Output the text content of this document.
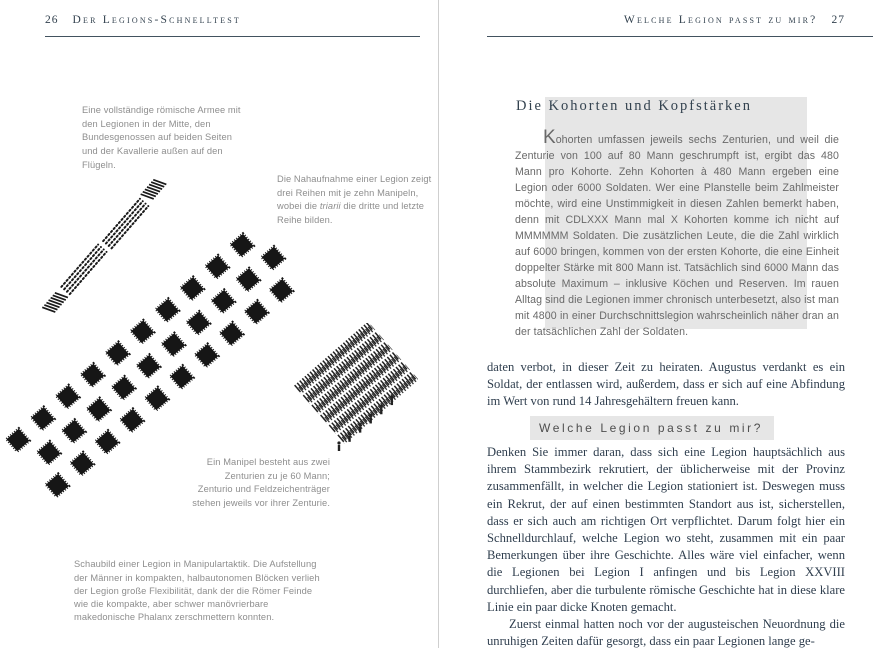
26 Der Legions-Schnelltest

Eine vollständige römische Armee mit den Legionen in der Mitte, den Bundesgenossen auf beiden Seiten und der Kavallerie außen auf den Flügeln.

Die Nahaufnahme einer Legion zeigt drei Reihen mit je zehn Manipeln, wobei die triarii die dritte und letzte Reihe bilden.

Ein Manipel besteht aus zwei Zenturien zu je 60 Mann; Zenturio und Feldzeichenträger stehen jeweils vor ihrer Zenturie.

Schaubild einer Legion in Manipulartaktik. Die Aufstellung der Männer in kompakten, halbautonomen Blöcken verlieh der Legion große Flexibilität, dank der die Römer Feinde wie die kompakte, aber schwer manövrierbare makedonische Phalanx zerschmettern konnten.

Welche Legion passt zu mir? 27
Die Kohorten und Kopfstärken

Kohorten umfassen jeweils sechs Zenturien, und weil die Zenturie von 100 auf 80 Mann geschrumpft ist, ergibt das 480 Mann pro Kohorte. Zehn Kohorten à 480 Mann ergeben eine Legion oder 6000 Soldaten. Wer eine Planstelle beim Zahlmeister möchte, wird eine Unstimmigkeit in diesen Zahlen bemerkt haben, denn mit CDLXXX Mann mal X Kohorten komme ich nicht auf MMMMMM Soldaten. Die zusätzlichen Leute, die die Zahl wirklich auf 6000 bringen, kommen von der ersten Kohorte, die eine Einheit doppelter Stärke mit 800 Mann ist. Tatsächlich sind 6000 Mann das absolute Maximum – inklusive Köchen und Reserven. Im rauen Alltag sind die Legionen immer chronisch unterbesetzt, also ist man mit 4800 in einer Durchschnittslegion wahrscheinlich näher dran an der tatsächlichen Zahl der Soldaten.

daten verbot, in dieser Zeit zu heiraten. Augustus verdankt es ein Soldat, der entlassen wird, außerdem, dass er sich auf eine Abfindung im Wert von rund 14 Jahresgehältern freuen kann.

Welche Legion passt zu mir?

Denken Sie immer daran, dass sich eine Legion hauptsächlich aus ihrem Stammbezirk rekrutiert, der üblicherweise mit der Provinz zusammenfällt, in welcher die Legion stationiert ist. Deswegen muss ein Rekrut, der auf einen bestimmten Standort aus ist, sicherstellen, dass er sich auch am richtigen Ort verpflichtet. Darum folgt hier ein Schnelldurchlauf, welche Legion wo steht, zusammen mit ein paar Bemerkungen über ihre Geschichte. Alles wäre viel einfacher, wenn die Legionen bei Legion I anfingen und bis Legion XXVIII durchliefen, aber die turbulente römische Geschichte hat in diese klare Linie ein paar dicke Knoten gemacht.

Zuerst einmal hatten noch vor der augusteischen Neuordnung die unruhigen Zeiten dafür gesorgt, dass ein paar Legionen lange ge-
